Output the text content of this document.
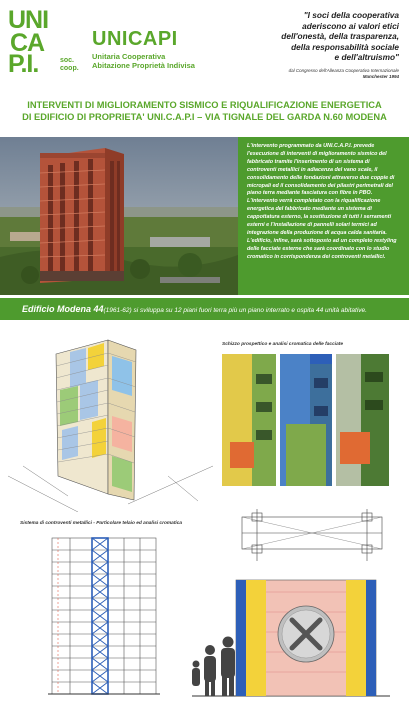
UNI
CA
P.I.	soc.
coop.
UNICAPI
Unitaria Cooperativa
Abitazione Proprietà Indivisa
"I soci della cooperativa
aderiscono ai valori etici
dell'onestà, della trasparenza,
della responsabilità sociale
e dell'altruismo"
dal Congresso dell'Alleanza Cooperativa Internazionale
Manchester 1994
INTERVENTI DI MIGLIORAMENTO SISMICO E RIQUALIFICAZIONE ENERGETICA
DI EDIFICIO DI PROPRIETA' UNI.C.A.P.I – VIA TIGNALE DEL GARDA N.60 MODENA

L'intervento programmato da UNI.C.A.P.I. prevede l'esecuzione di interventi di miglioramento sismico del fabbricato tramite l'inserimento di un sistema di controventi metallici in adiacenza del vano scale, il consolidamento delle fondazioni attraverso due coppie di micropali ed il consolidamento dei pilastri perimetrali del piano terra mediante fasciatura con fibre in PBO. L'intervento verrà completato con la riqualificazione energetica del fabbricato mediante un sistema di cappottatura esterno, la sostituzione di tutti i serramenti esterni e l'installazione di pannelli solari termici ad integrazione della produzione di acqua calda sanitaria.

L'edificio, infine, sarà sottoposto ad un completo restyling delle facciate esterne che sarà coordinato con lo studio cromatico in corrispondenza dei controventi metallici.

Edificio Modena 44(1961-62) si sviluppa su 12 piani fuori terra più un piano interrato e ospita 44 unità abitative.
Schizzo prospettico e analisi cromatica delle facciate
Sistema di controventi metallici - Particolare telaio ed analisi cromatica
